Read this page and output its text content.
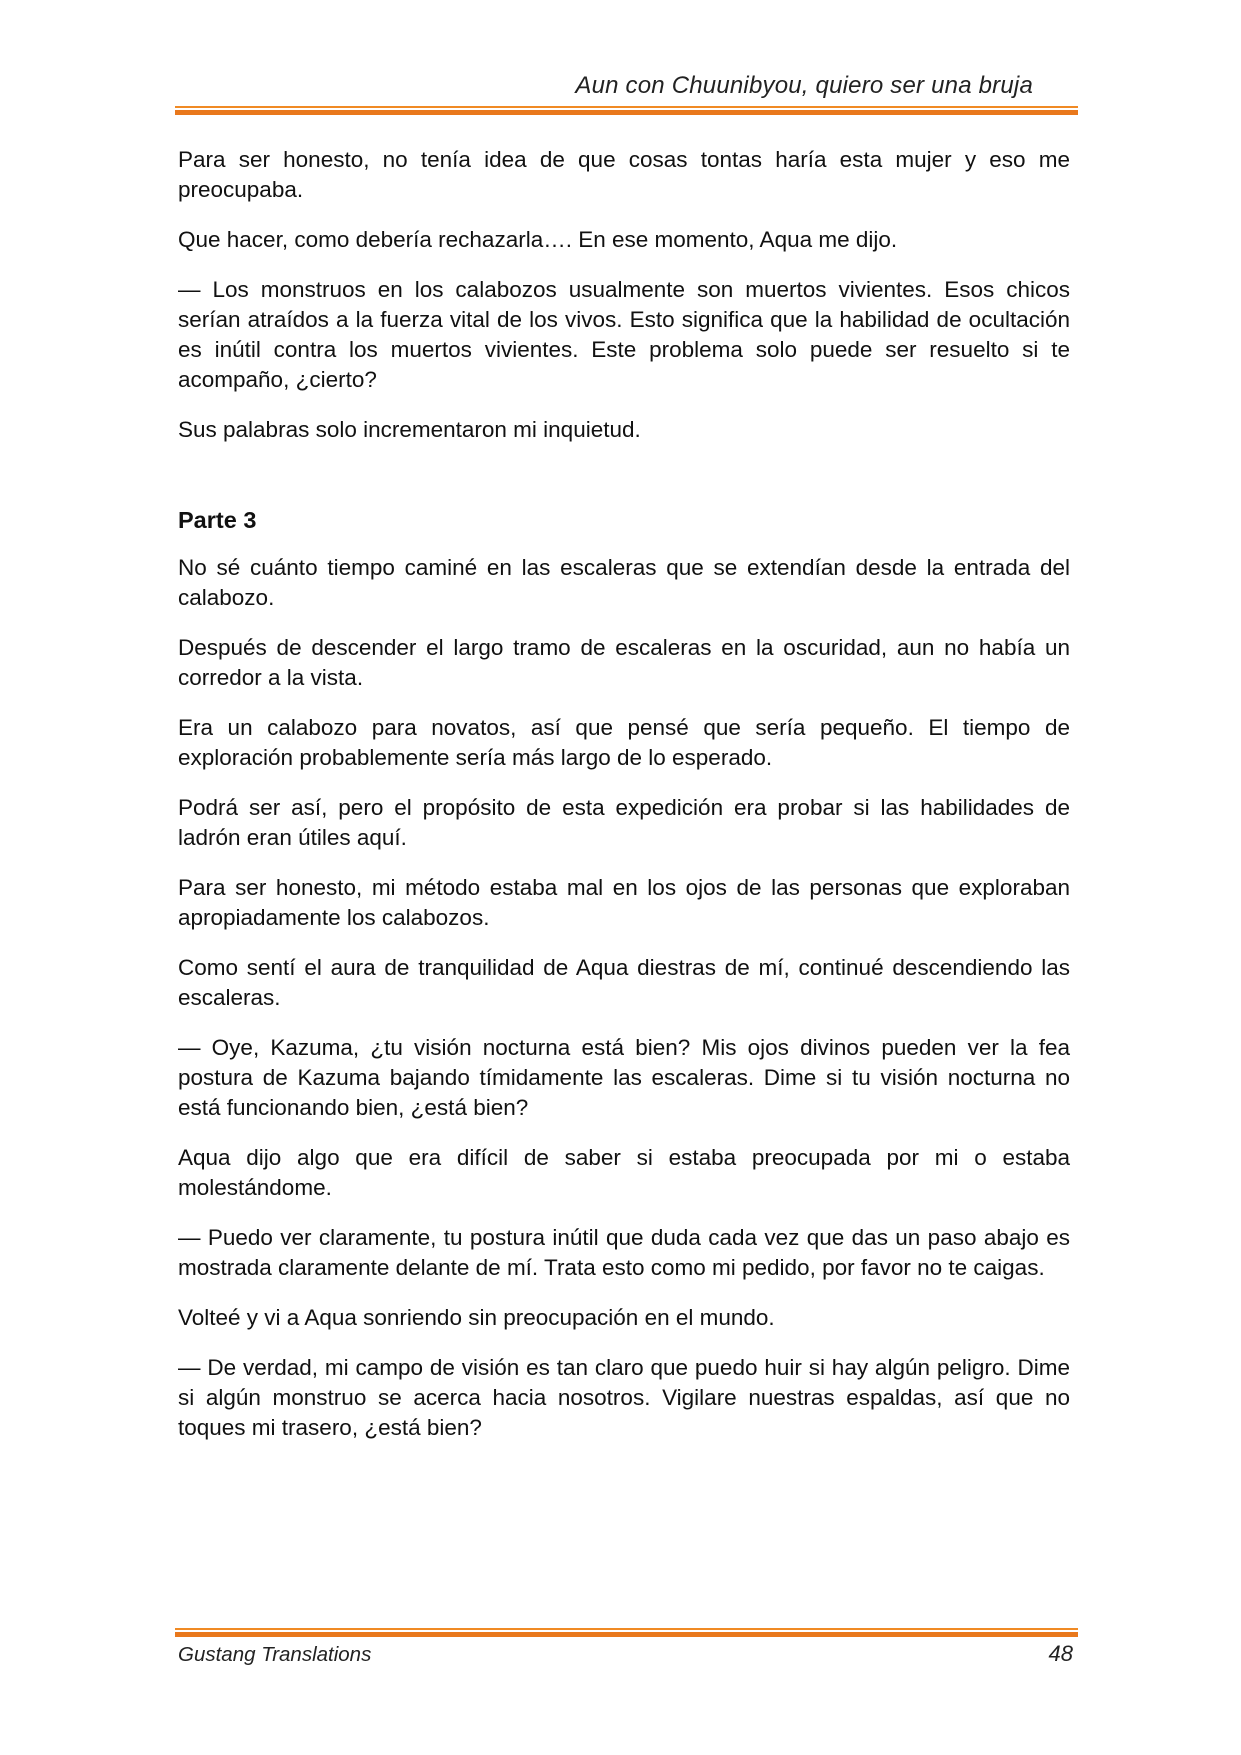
Aun con Chuunibyou, quiero ser una bruja

Para ser honesto, no tenía idea de que cosas tontas haría esta mujer y eso me preocupaba.

Que hacer, como debería rechazarla…. En ese momento, Aqua me dijo.

— Los monstruos en los calabozos usualmente son muertos vivientes. Esos chicos serían atraídos a la fuerza vital de los vivos. Esto significa que la habilidad de ocultación es inútil contra los muertos vivientes. Este problema solo puede ser resuelto si te acompaño, ¿cierto?

Sus palabras solo incrementaron mi inquietud.

Parte 3

No sé cuánto tiempo caminé en las escaleras que se extendían desde la entrada del calabozo.

Después de descender el largo tramo de escaleras en la oscuridad, aun no había un corredor a la vista.

Era un calabozo para novatos, así que pensé que sería pequeño. El tiempo de exploración probablemente sería más largo de lo esperado.

Podrá ser así, pero el propósito de esta expedición era probar si las habilidades de ladrón eran útiles aquí.

Para ser honesto, mi método estaba mal en los ojos de las personas que exploraban apropiadamente los calabozos.

Como sentí el aura de tranquilidad de Aqua diestras de mí, continué descendiendo las escaleras.

— Oye, Kazuma, ¿tu visión nocturna está bien? Mis ojos divinos pueden ver la fea postura de Kazuma bajando tímidamente las escaleras. Dime si tu visión nocturna no está funcionando bien, ¿está bien?

Aqua dijo algo que era difícil de saber si estaba preocupada por mi o estaba molestándome.

— Puedo ver claramente, tu postura inútil que duda cada vez que das un paso abajo es mostrada claramente delante de mí. Trata esto como mi pedido, por favor no te caigas.

Volteé y vi a Aqua sonriendo sin preocupación en el mundo.

— De verdad, mi campo de visión es tan claro que puedo huir si hay algún peligro. Dime si algún monstruo se acerca hacia nosotros. Vigilare nuestras espaldas, así que no toques mi trasero, ¿está bien?

Gustang Translations	48
